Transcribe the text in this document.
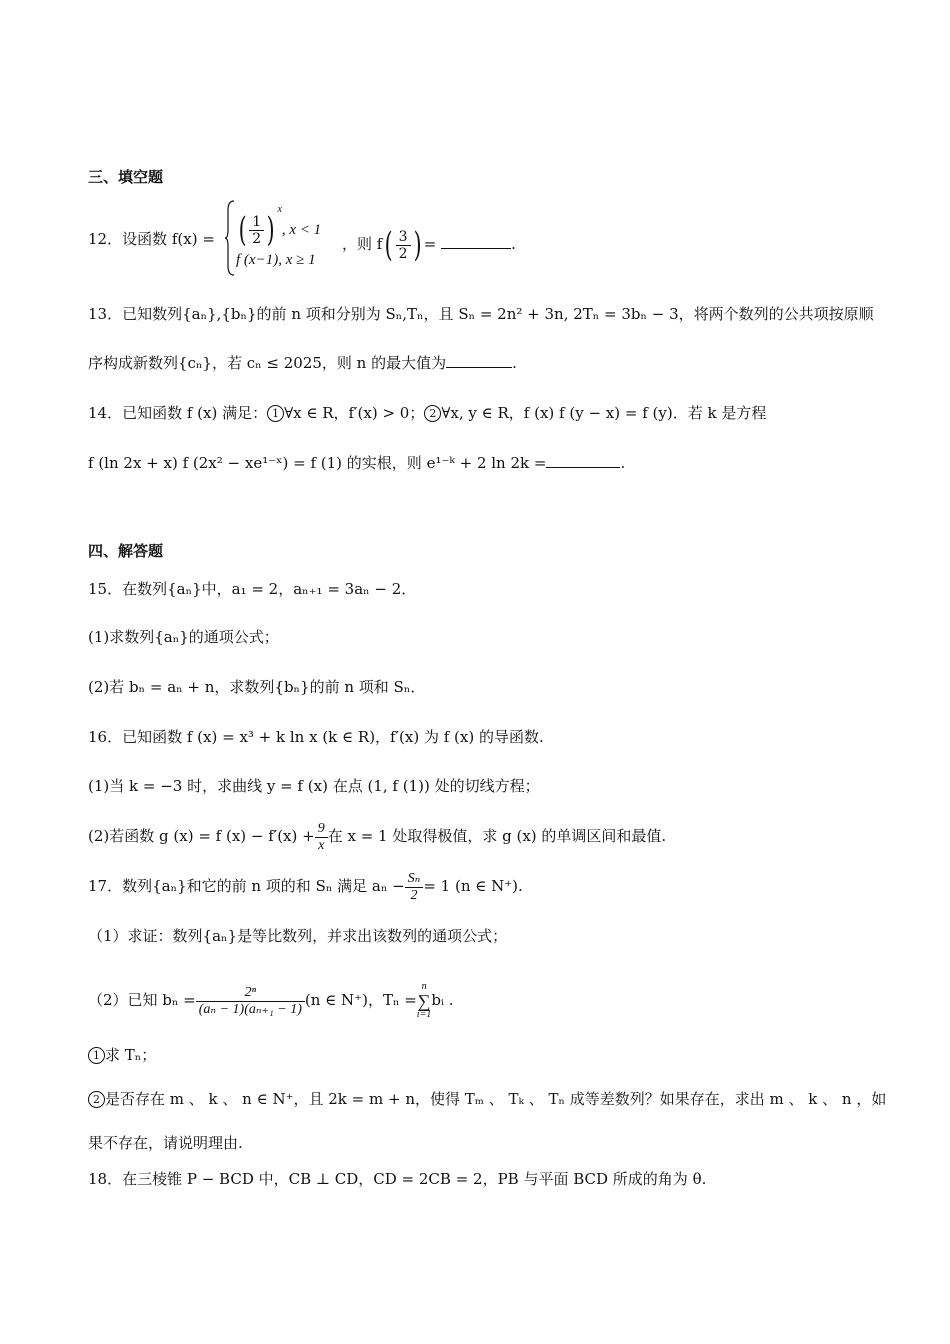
三、填空题
12．设函数 f(x) = ( $\frac{1}{2} )^x$, x < 1
f (x−1), x ≥ 1
，则 $f( \frac{3}{2}$ ) =	.
13．已知数列{aₙ},{bₙ}的前 n 项和分别为 Sₙ,Tₙ，且 Sₙ = 2n² + 3n, 2Tₙ = 3bₙ − 3，将两个数列的公共项按原顺
序构成新数列{cₙ}，若 cₙ ≤ 2025，则 n 的最大值为	.
14．已知函数 f (x) 满足： 1 ∀x ∈ R，f′(x) > 0； 2 ∀x, y ∈ R，f (x) f (y − x) = f (y)．若 k 是方程
f (ln 2x + x) f (2x² − xe¹⁻ˣ) = f (1) 的实根，则 e¹⁻ᵏ + 2 ln 2k =	.
四、解答题
15．在数列{aₙ}中，a₁ = 2，aₙ₊₁ = 3aₙ − 2．
(1)求数列{aₙ}的通项公式；
(2)若 bₙ = aₙ + n，求数列{bₙ}的前 n 项和 Sₙ．
16．已知函数 f (x) = x³ + k ln x (k ∈ R)，f′(x) 为 f (x) 的导函数.
(1)当 k = −3 时，求曲线 y = f (x) 在点 (1, f (1)) 处的切线方程；
(2)若函数 g (x) = f $(x) - f'(x) + \frac{9}{x}$ 在 x = 1 处取得极值，求 g (x) 的单调区间和最值.
17．数列{aₙ}和它的前 n 项的和 Sₙ 满足 $a_n - \frac{\text{Sₙ}}{2} = 1$ (n ∈ N⁺).
（1）求证：数列{aₙ}是等比数列，并求出该数列的通项公式；
（2）已知 $b_n = \frac{\text{2ⁿ}}{\text{(aₙ − 1)(aₙ₊₁ − 1)}} (n$ ∈ N⁺)，Tₙ =n
∑
i=1bᵢ .
1 求 Tₙ；
2 是否存在 m 、 k 、 n ∈ N⁺，且 2k = m + n，使得 Tₘ 、 Tₖ 、 Tₙ 成等差数列？如果存在，求出 m 、 k 、 n ，如
果不存在，请说明理由.
18．在三棱锥 P − BCD 中，CB ⊥ CD，CD = 2CB = 2，PB 与平面 BCD 所成的角为 θ.
